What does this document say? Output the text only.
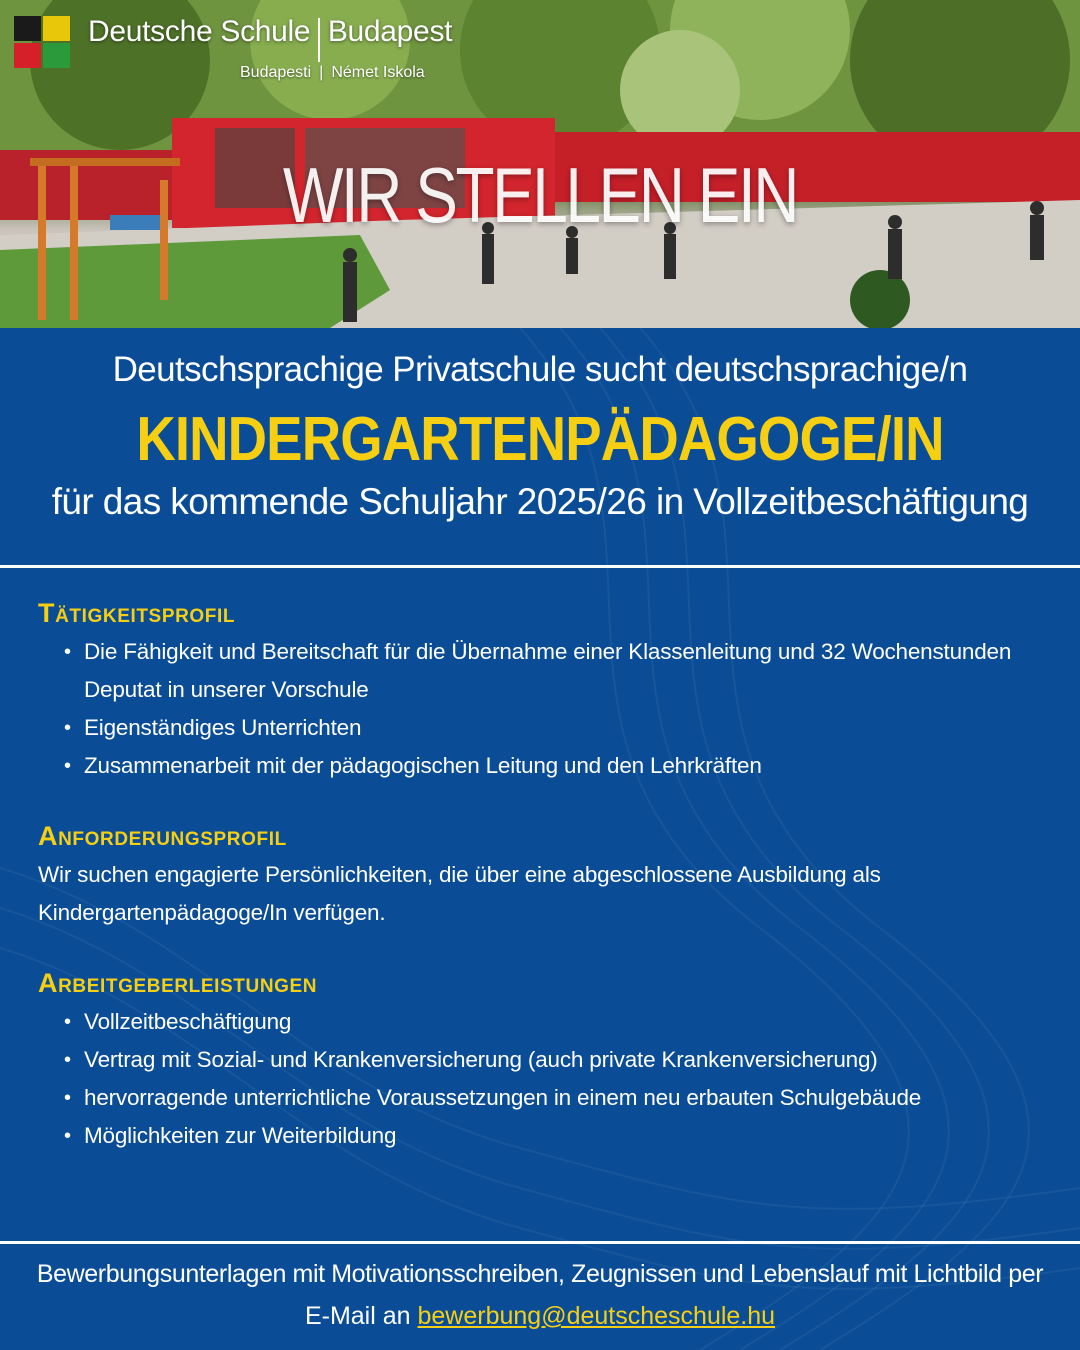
Deutsche Schule Budapest
Budapesti | Német Iskola
WIR STELLEN EIN
Deutschsprachige Privatschule sucht deutschsprachige/n
KINDERGARTENPÄDAGOGE/IN
für das kommende Schuljahr 2025/26 in Vollzeitbeschäftigung
Tätigkeitsprofil
• Die Fähigkeit und Bereitschaft für die Übernahme einer Klassenleitung und 32 Wochenstunden Deputat in unserer Vorschule
• Eigenständiges Unterrichten
• Zusammenarbeit mit der pädagogischen Leitung und den Lehrkräften
Anforderungsprofil
Wir suchen engagierte Persönlichkeiten, die über eine abgeschlossene Ausbildung als Kindergartenpädagoge/In verfügen.
Arbeitgeberleistungen
• Vollzeitbeschäftigung
• Vertrag mit Sozial- und Krankenversicherung (auch private Krankenversicherung)
• hervorragende unterrichtliche Voraussetzungen in einem neu erbauten Schulgebäude
• Möglichkeiten zur Weiterbildung
Bewerbungsunterlagen mit Motivationsschreiben, Zeugnissen und Lebenslauf mit Lichtbild per
E-Mail an bewerbung@deutscheschule.hu
